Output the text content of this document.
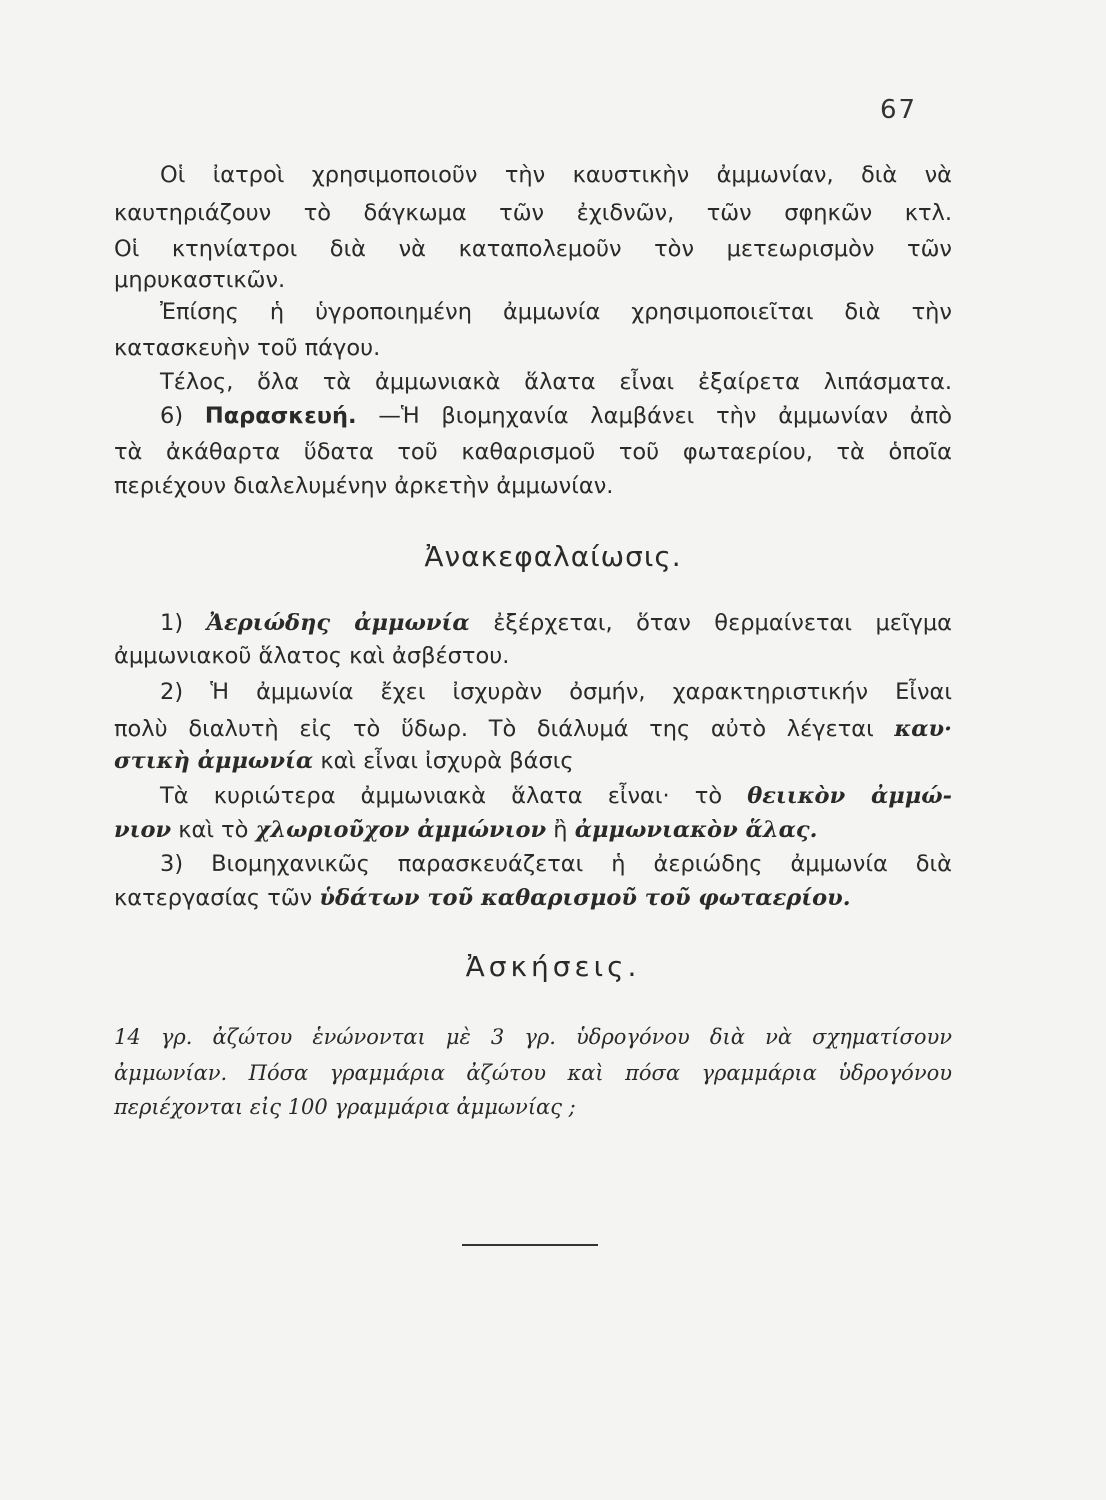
67
Οἱ ἰατροὶ χρησιμοποιοῦν τὴν καυστικὴν ἀμμωνίαν, διὰ νὰ
καυτηριάζουν τὸ δάγκωμα τῶν ἐχιδνῶν, τῶν σφηκῶν κτλ.
Οἱ κτηνίατροι διὰ νὰ καταπολεμοῦν τὸν μετεωρισμὸν τῶν
μηρυκαστικῶν.
Ἐπίσης ἡ ὑγροποιημένη ἀμμωνία χρησιμοποιεῖται διὰ τὴν
κατασκευὴν τοῦ πάγου.
Τέλος, ὅλα τὰ ἀμμωνιακὰ ἅλατα εἶναι ἐξαίρετα λιπάσματα.
6) Παρασκευή. —Ἡ βιομηχανία λαμβάνει τὴν ἀμμωνίαν ἀπὸ
τὰ ἀκάθαρτα ὕδατα τοῦ καθαρισμοῦ τοῦ φωταερίου, τὰ ὁποῖα
περιέχουν διαλελυμένην ἀρκετὴν ἀμμωνίαν.
Ἀνακεφαλαίωσις.
1) Ἀεριώδης ἀμμωνία ἐξέρχεται, ὅταν θερμαίνεται μεῖγμα
ἀμμωνιακοῦ ἅλατος καὶ ἀσβέστου.
2) Ἡ ἀμμωνία ἔχει ἰσχυρὰν ὀσμήν, χαρακτηριστικήν Εἶναι
πολὺ διαλυτὴ εἰς τὸ ὕδωρ. Τὸ διάλυμά της αὐτὸ λέγεται καυ·
στικὴ ἀμμωνία καὶ εἶναι ἰσχυρὰ βάσις
Τὰ κυριώτερα ἀμμωνιακὰ ἅλατα εἶναι· τὸ θειικὸν ἀμμώ-
νιον καὶ τὸ χλωριοῦχον ἀμμώνιον ἢ ἀμμωνιακὸν ἅλας.
3) Βιομηχανικῶς παρασκευάζεται ἡ ἀεριώδης ἀμμωνία διὰ
κατεργασίας τῶν ὑδάτων τοῦ καθαρισμοῦ τοῦ φωταερίου.
Ἀσκήσεις.
14 γρ. ἀζώτου ἑνώνονται μὲ 3 γρ. ὑδρογόνου διὰ νὰ σχηματίσουν
ἀμμωνίαν. Πόσα γραμμάρια ἀζώτου καὶ πόσα γραμμάρια ὑδρογόνου
περιέχονται εἰς 100 γραμμάρια ἀμμωνίας ;
